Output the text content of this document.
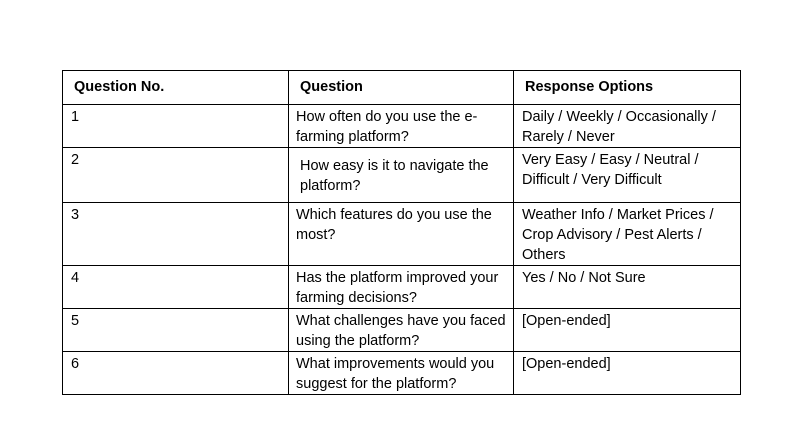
Question No.	Question	Response Options
1	How often do you use the e-farming platform?	Daily / Weekly / Occasionally / Rarely / Never
2	How easy is it to navigate the platform?	Very Easy / Easy / Neutral / Difficult / Very Difficult
3	Which features do you use the most?	Weather Info / Market Prices / Crop Advisory / Pest Alerts / Others
4	Has the platform improved your farming decisions?	Yes / No / Not Sure
5	What challenges have you faced using the platform?	[Open-ended]
6	What improvements would you suggest for the platform?	[Open-ended]
